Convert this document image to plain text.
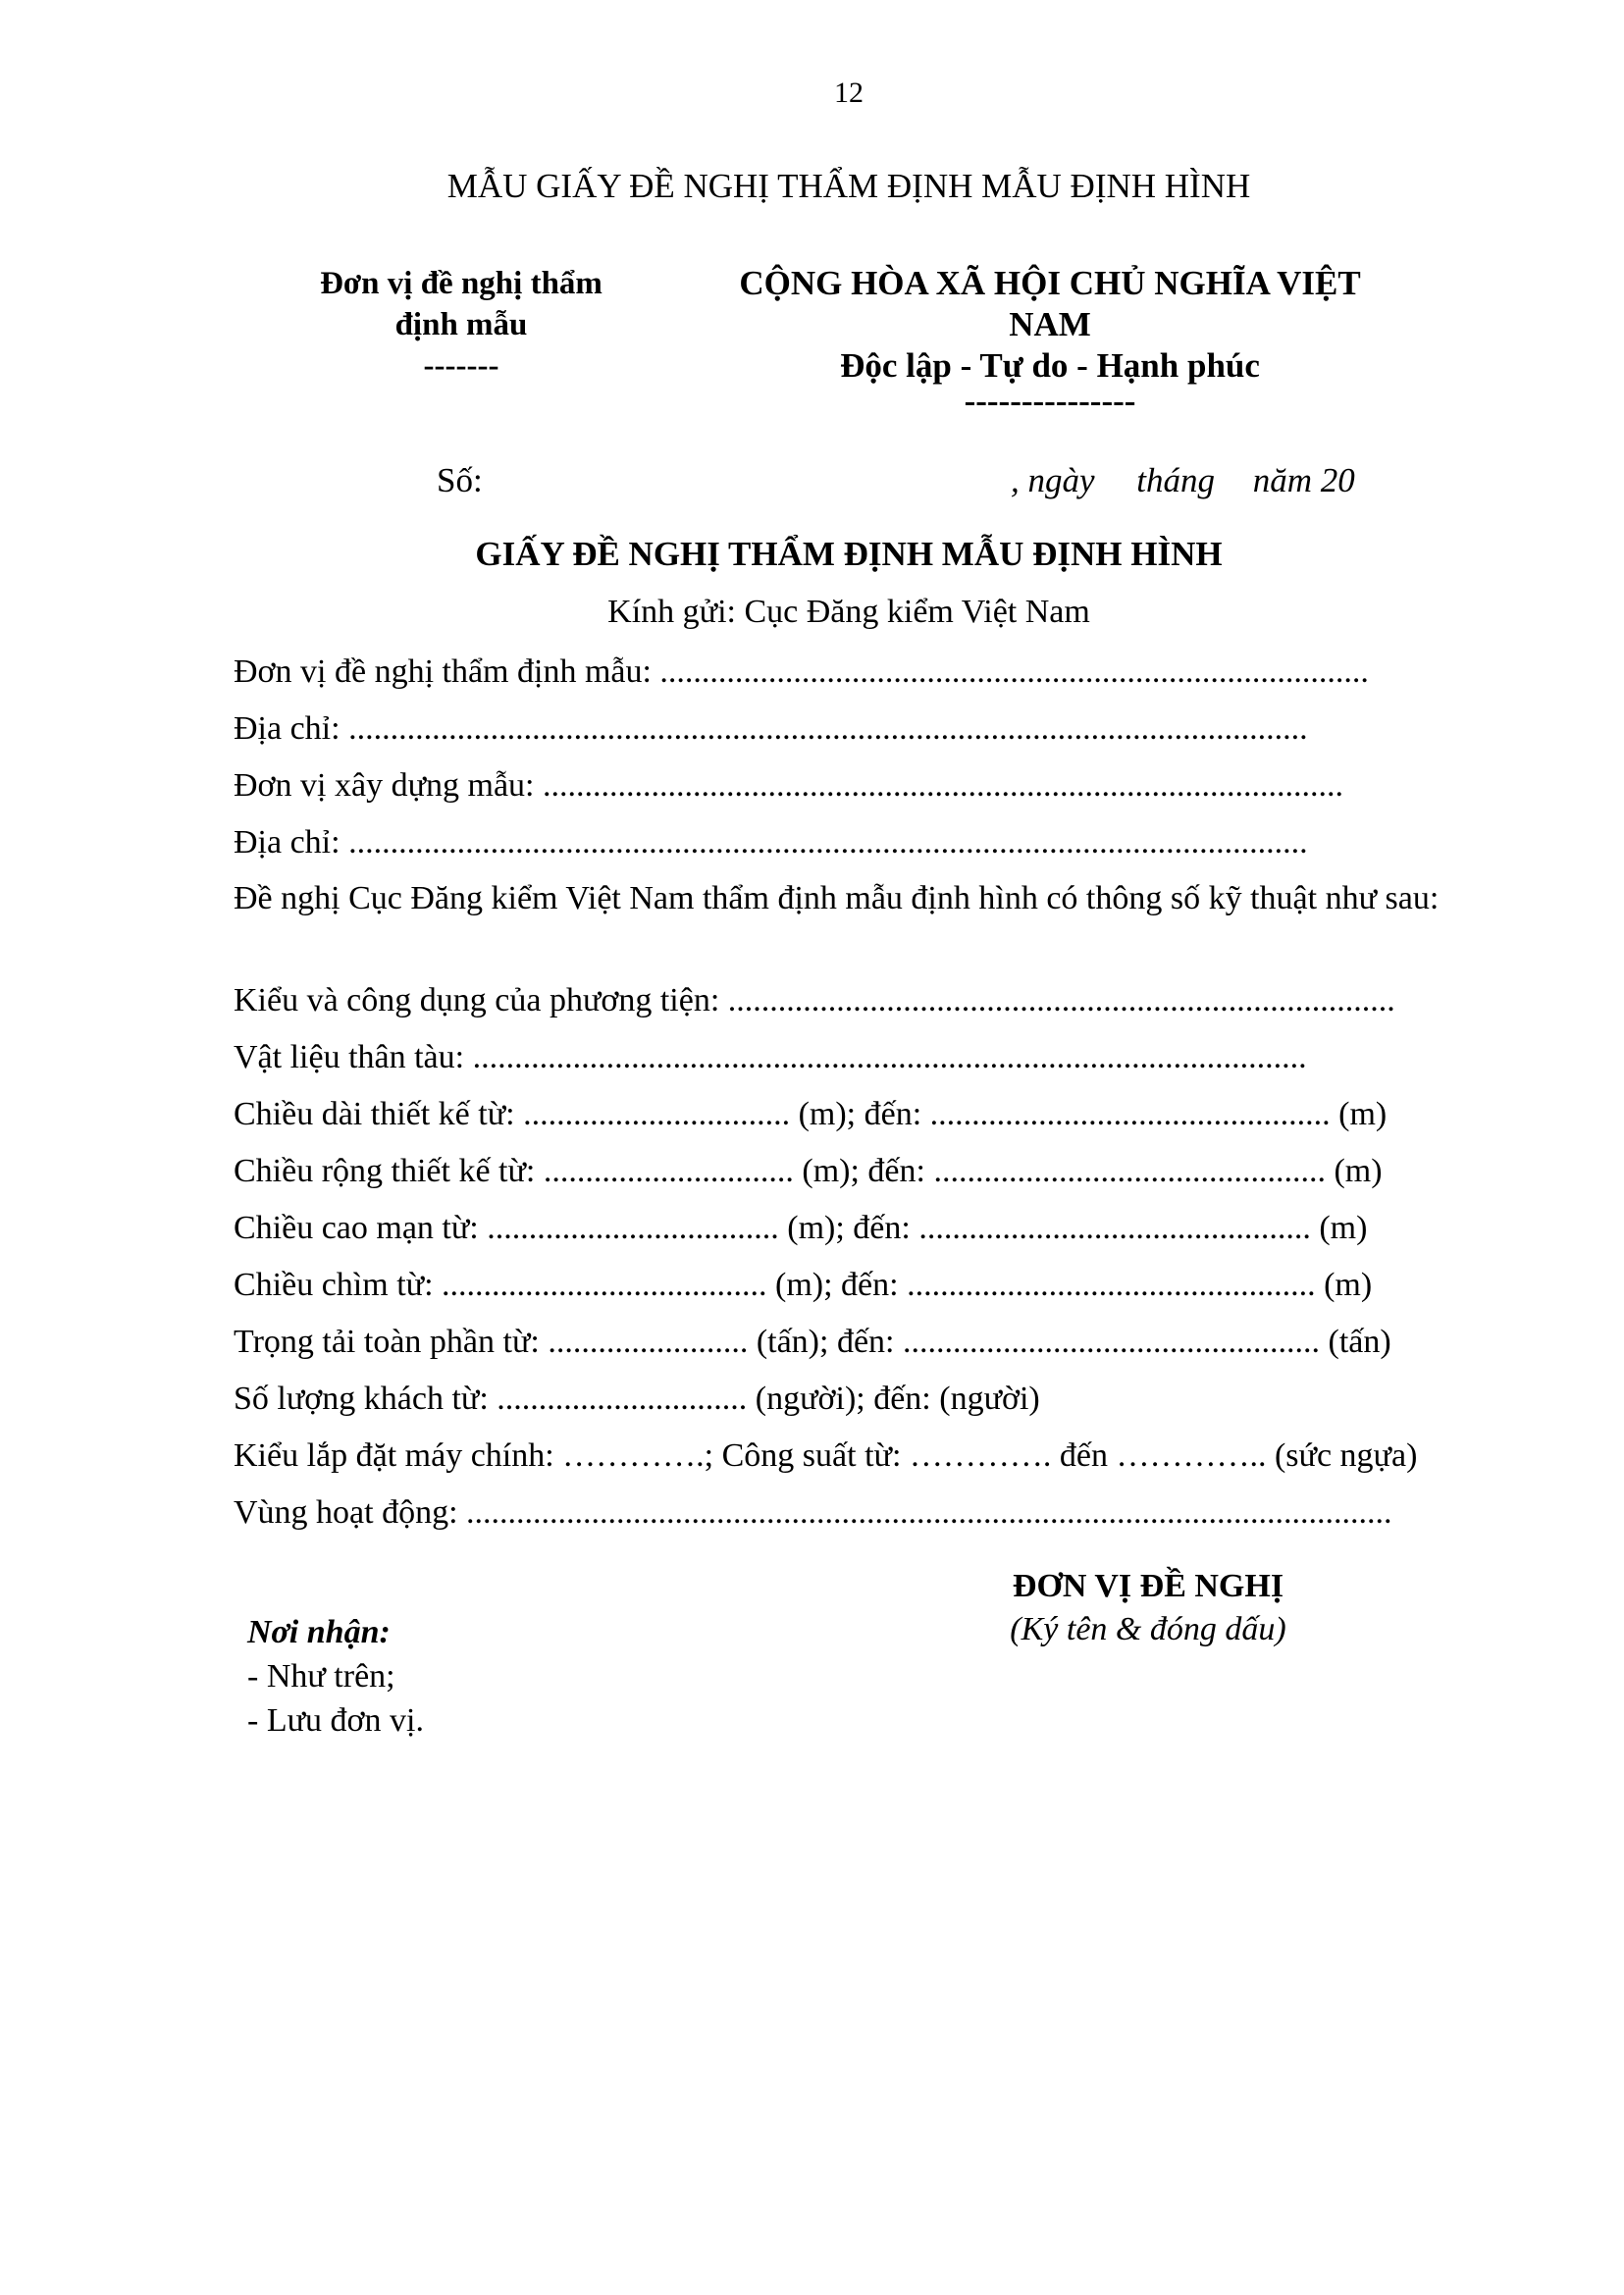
12
MẪU GIẤY ĐỀ NGHỊ THẨM ĐỊNH MẪU ĐỊNH HÌNH
Đơn vị đề nghị thẩm
định mẫu
-------
CỘNG HÒA XÃ HỘI CHỦ NGHĨA VIỆT
NAM
Độc lập - Tự do - Hạnh phúc
---------------
Số:	, ngày tháng năm 20
GIẤY ĐỀ NGHỊ THẨM ĐỊNH MẪU ĐỊNH HÌNH
Kính gửi: Cục Đăng kiểm Việt Nam
Đơn vị đề nghị thẩm định mẫu: .....................................................................................
Địa chỉ: ...................................................................................................................
Đơn vị xây dựng mẫu: ................................................................................................
Địa chỉ: ...................................................................................................................
Đề nghị Cục Đăng kiểm Việt Nam thẩm định mẫu định hình có thông số kỹ thuật như sau:
Kiểu và công dụng của phương tiện: ................................................................................
Vật liệu thân tàu: ....................................................................................................
Chiều dài thiết kế từ: ................................ (m); đến: ................................................ (m)
Chiều rộng thiết kế từ: .............................. (m); đến: ............................................... (m)
Chiều cao mạn từ: ................................... (m); đến: ............................................... (m)
Chiều chìm từ: ....................................... (m); đến: ................................................. (m)
Trọng tải toàn phần từ: ........................ (tấn); đến: .................................................. (tấn)
Số lượng khách từ: .............................. (người); đến: (người)
Kiểu lắp đặt máy chính: ………….; Công suất từ: …………. đến ………….. (sức ngựa)
Vùng hoạt động: ...............................................................................................................
ĐƠN VỊ ĐỀ NGHỊ
(Ký tên & đóng dấu)
Nơi nhận:
- Như trên;
- Lưu đơn vị.
